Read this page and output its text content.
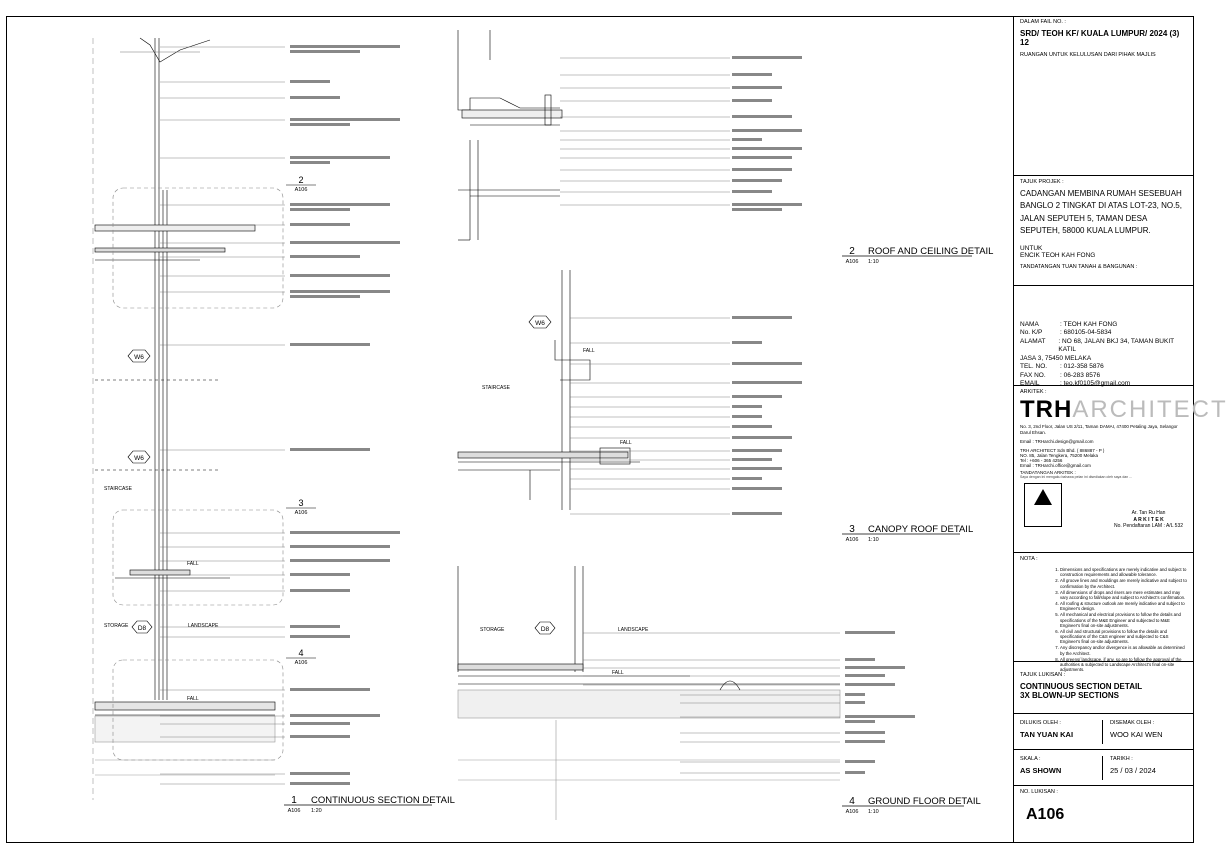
2
A106
3
A106
4
A106
W6
W6
D8
STAIRCASE
STORAGE	LANDSCAPE
FALL
FALL
1
A106
CONTINUOUS SECTION DETAIL
1:20
2
A106
ROOF AND CEILING DETAIL
1:10
W6
STAIRCASE
FALL
FALL
3
A106
CANOPY ROOF DETAIL
1:10
STORAGE	D8	LANDSCAPE
FALL
4
A106
GROUND FLOOR DETAIL
1:10
DALAM FAIL NO. :
SRD/ TEOH KF/ KUALA LUMPUR/ 2024 (3) 12
RUANGAN UNTUK KELULUSAN DARI PIHAK MAJLIS
TAJUK PROJEK :
CADANGAN MEMBINA RUMAH SESEBUAH BANGLO 2 TINGKAT DI ATAS LOT-23, NO.5, JALAN SEPUTEH 5, TAMAN DESA SEPUTEH, 58000 KUALA LUMPUR.
UNTUK
ENCIK TEOH KAH FONG
TANDATANGAN TUAN TANAH & BANGUNAN :
NAMA	: TEOH KAH FONG
No. K/P	: 680105-04-5834
ALAMAT	: NO 68, JALAN BKJ 34, TAMAN BUKIT KATIL
JASA 3, 75450 MELAKA
TEL. NO.	: 012-358 5876
FAX NO.	: 06-283 8576
EMAIL	: teo.kf0105@gmail.com
ARKITEK :
TRHARCHITECT
No. 3, 2nd Floor, Jalan US 2/11, Taman DAMAI, 47400 Petaling Jaya, Selangor Darul Ehsan.
Email : TRHarchi.design@gmail.com
TRH ARCHITECT Sdn Bhd. ( 886887 - P )
NO. 85, Jalan Tengkera, 75200 Melaka
Tel : +606 - 365 4256
Email : TRHarchi.office@gmail.com
TANDATANGAN ARKITEK :
Saya dengan ini mengaku bahawa pelan ini disediakan oleh saya dan ...
Ar. Tan Ru Han
A R K I T E K
No. Pendaftaran LAM : A/L 532
NOTA :
1. Dimensions and specifications are merely indicative and subject to construction requirements and allowable tolerance.
2. All groove lines and mouldings are merely indicative and subject to confirmation by the Architect.
3. All dimensions of drops and risers are mere estimates and may vary according to fall/slope and subject to Architect's confirmation.
4. All roofing & structure outlook are merely indicative and subject to Engineer's design.
5. All mechanical and electrical provisions to follow the details and specifications of the M&E Engineer and subjected to M&E Engineer's final on-site adjustments.
6. All civil and structural provisions to follow the details and specifications of the C&S engineer and subjected to C&S Engineer's final on-site adjustments.
7. Any discrepancy and/or divergence is as allowable as determined by the Architect.
8. All greens/ landscape, if any, so are to follow the approval of the authorities & subjected to Landscape Architect's final on-site adjustments.
TAJUK LUKISAN :
CONTINUOUS SECTION DETAIL
3X BLOWN-UP SECTIONS
DILUKIS OLEH :
TAN YUAN KAI
DISEMAK OLEH :
WOO KAI WEN
SKALA :
AS SHOWN
TARIKH :
25 / 03 / 2024
NO. LUKISAN :
A106
